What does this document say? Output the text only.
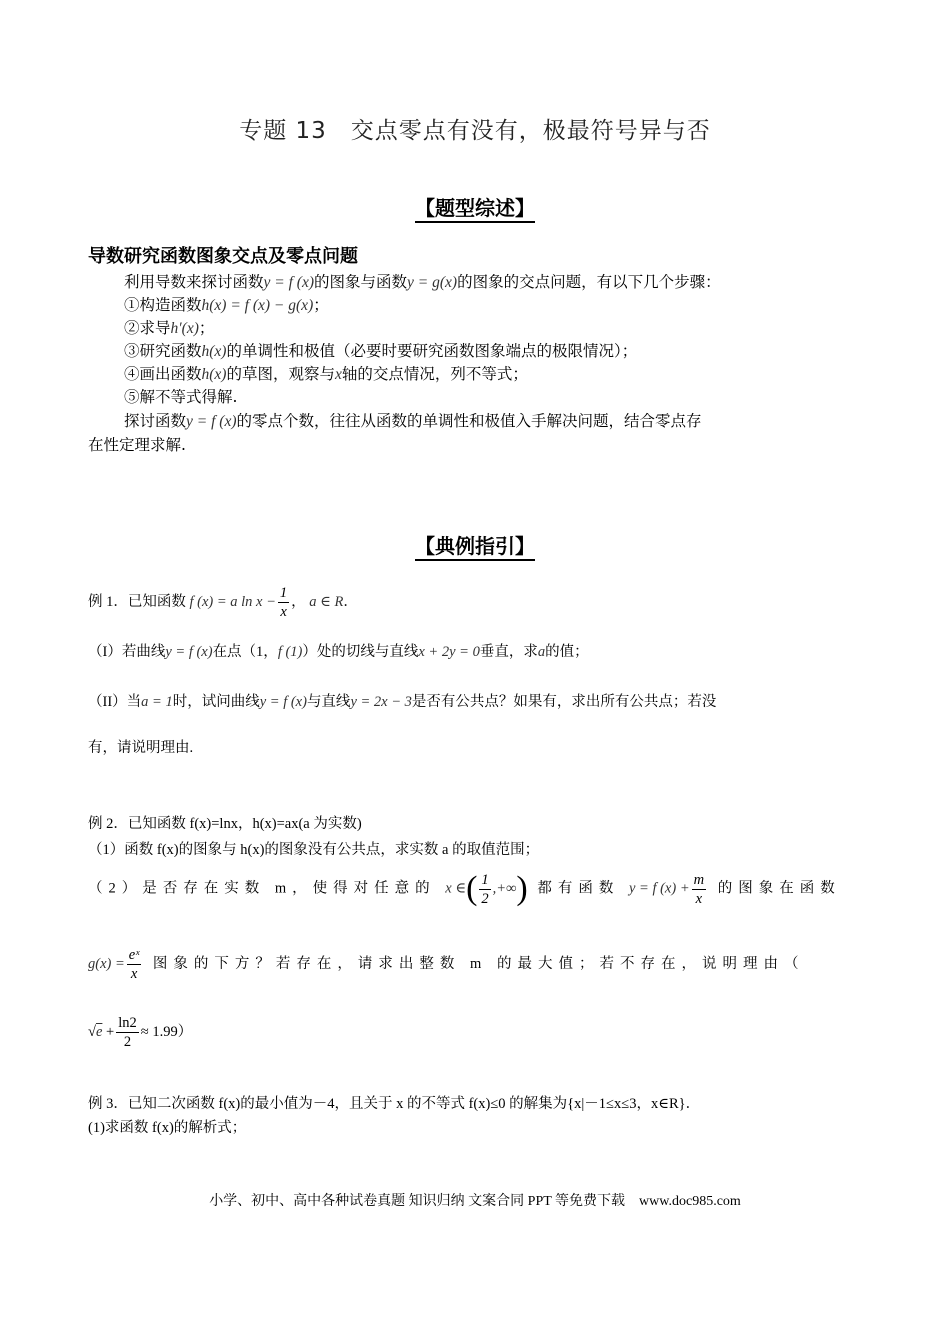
专题 13　交点零点有没有，极最符号异与否
【题型综述】
导数研究函数图象交点及零点问题
利用导数来探讨函数y = f (x)的图象与函数y = g(x)的图象的交点问题，有以下几个步骤：
①构造函数h(x) = f (x) − g(x)；
②求导h′(x)；
③研究函数h(x)的单调性和极值（必要时要研究函数图象端点的极限情况）；
④画出函数h(x)的草图，观察与x轴的交点情况，列不等式；
⑤解不等式得解.
探讨函数y = f (x)的零点个数，往往从函数的单调性和极值入手解决问题，结合零点存
在性定理求解.
【典例指引】
例 1．已知函数 f (x) = a $\ln x - \frac{1}{x}$ ， a ∈ R．
（I）若曲线y = f (x)在点（1，f (1)）处的切线与直线x + 2y = 0垂直，求a的值；
（II）当a = 1时，试问曲线y = f (x)与直线y = 2x − 3是否有公共点？如果有，求出所有公共点；若没
有，请说明理由.
例 2．已知函数 f(x)=lnx，h(x)=ax(a 为实数)
（1）函数 f(x)的图象与 h(x)的图象没有公共点，求实数 a 的取值范围；
（2）是否存在实数 m，使得对任意的 x ∈( $\frac{1}{2}$ ,+∞) 都有函数 y = f $(x) + \frac{m}{x}$ 的图象在函数
$g(x) = \frac{\text{eˣ}}{x}$ 图象的下方？若存在，请求出整数 m 的最大值；若不存在，说明理由（
$√e + \frac{\ln 2}{2} \approx 1.99$）
例 3．已知二次函数 f(x)的最小值为－4，且关于 x 的不等式 f(x)≤0 的解集为{x|－1≤x≤3，x∈R}．
(1)求函数 f(x)的解析式；
小学、初中、高中各种试卷真题 知识归纳 文案合同 PPT 等免费下载　www.doc985.com
